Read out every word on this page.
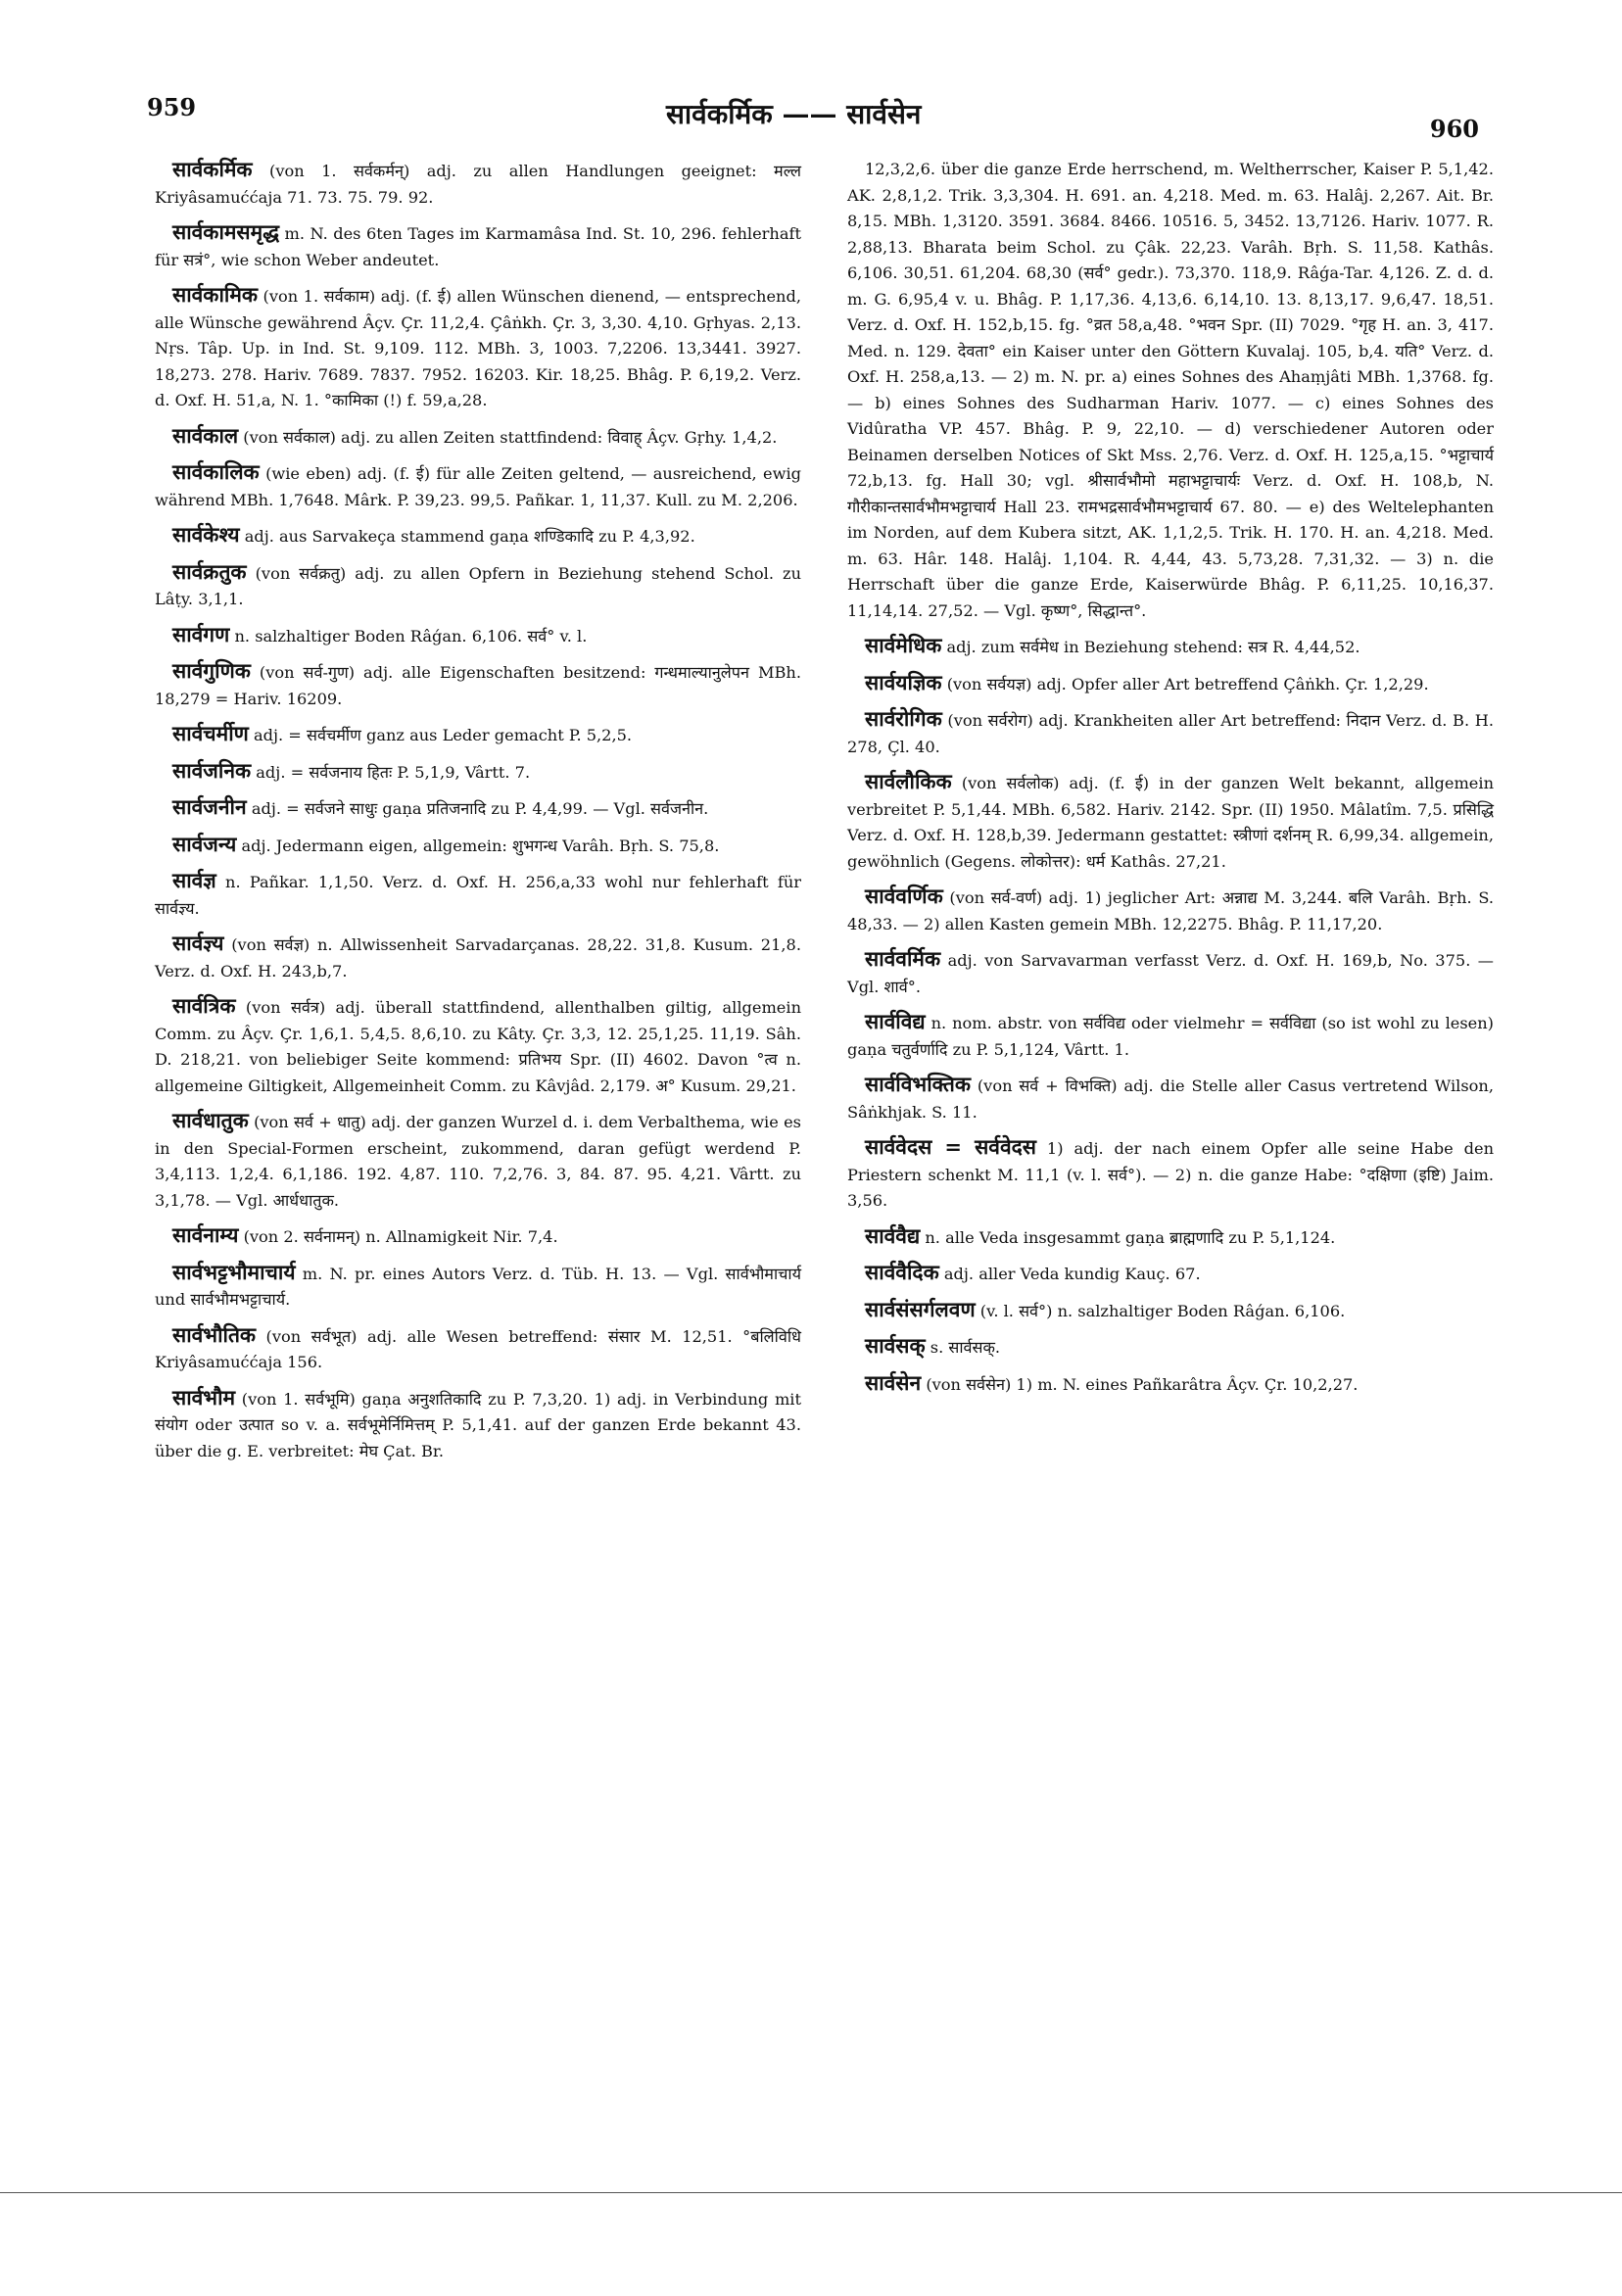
959	सार्वकर्मिक —— सार्वसेन	960

सार्वकर्मिक (von 1. सर्वकर्मन्) adj. zu allen Handlungen geeignet: मल्ल Kriyâsamuććaja 71. 73. 75. 79. 92.

सार्वकामसमृद्ध m. N. des 6ten Tages im Karmamâsa Ind. St. 10, 296. fehlerhaft für सत्रं°, wie schon Weber andeutet.

सार्वकामिक (von 1. सर्वकाम) adj. (f. ई) allen Wünschen dienend, — entsprechend, alle Wünsche gewährend Âçv. Çr. 11,2,4. Çâṅkh. Çr. 3, 3,30. 4,10. Gṛhyas. 2,13. Nṛs. Tâp. Up. in Ind. St. 9,109. 112. MBh. 3, 1003. 7,2206. 13,3441. 3927. 18,273. 278. Hariv. 7689. 7837. 7952. 16203. Kir. 18,25. Bhâg. P. 6,19,2. Verz. d. Oxf. H. 51,a, N. 1. °कामिका (!) f. 59,a,28.

सार्वकाल (von सर्वकाल) adj. zu allen Zeiten stattfindend: विवाह् Âçv. Gṛhy. 1,4,2.

सार्वकालिक (wie eben) adj. (f. ई) für alle Zeiten geltend, — ausreichend, ewig während MBh. 1,7648. Mârk. P. 39,23. 99,5. Pañkar. 1, 11,37. Kull. zu M. 2,206.

सार्वकेश्य adj. aus Sarvakeça stammend gaṇa शण्डिकादि zu P. 4,3,92.

सार्वक्रतुक (von सर्वक्रतु) adj. zu allen Opfern in Beziehung stehend Schol. zu Lâṭy. 3,1,1.

सार्वगण n. salzhaltiger Boden Râǵan. 6,106. सर्व° v. l.

सार्वगुणिक (von सर्व-गुण) adj. alle Eigenschaften besitzend: गन्धमाल्यानुलेपन MBh. 18,279 = Hariv. 16209.

सार्वचर्मीण adj. = सर्वचर्मीण ganz aus Leder gemacht P. 5,2,5.

सार्वजनिक adj. = सर्वजनाय हितः P. 5,1,9, Vârtt. 7.

सार्वजनीन adj. = सर्वजने साधुः gaṇa प्रतिजनादि zu P. 4,4,99. — Vgl. सर्वजनीन.

सार्वजन्य adj. Jedermann eigen, allgemein: शुभगन्ध Varâh. Bṛh. S. 75,8.

सार्वज्ञ n. Pañkar. 1,1,50. Verz. d. Oxf. H. 256,a,33 wohl nur fehlerhaft für सार्वज्ञ्य.

सार्वज्ञ्य (von सर्वज्ञ) n. Allwissenheit Sarvadarçanas. 28,22. 31,8. Kusum. 21,8. Verz. d. Oxf. H. 243,b,7.

सार्वत्रिक (von सर्वत्र) adj. überall stattfindend, allenthalben giltig, allgemein Comm. zu Âçv. Çr. 1,6,1. 5,4,5. 8,6,10. zu Kâty. Çr. 3,3, 12. 25,1,25. 11,19. Sâh. D. 218,21. von beliebiger Seite kommend: प्रतिभय Spr. (II) 4602. Davon °त्व n. allgemeine Giltigkeit, Allgemeinheit Comm. zu Kâvjâd. 2,179. अ° Kusum. 29,21.

सार्वधातुक (von सर्व + धातु) adj. der ganzen Wurzel d. i. dem Verbalthema, wie es in den Special-Formen erscheint, zukommend, daran gefügt werdend P. 3,4,113. 1,2,4. 6,1,186. 192. 4,87. 110. 7,2,76. 3, 84. 87. 95. 4,21. Vârtt. zu 3,1,78. — Vgl. आर्धधातुक.

सार्वनाम्य (von 2. सर्वनामन्) n. Allnamigkeit Nir. 7,4.

सार्वभट्टभौमाचार्य m. N. pr. eines Autors Verz. d. Tüb. H. 13. — Vgl. सार्वभौमाचार्य und सार्वभौमभट्टाचार्य.

सार्वभौतिक (von सर्वभूत) adj. alle Wesen betreffend: संसार M. 12,51. °बलिविधि Kriyâsamuććaja 156.

सार्वभौम (von 1. सर्वभूमि) gaṇa अनुशतिकादि zu P. 7,3,20. 1) adj. in Verbindung mit संयोग oder उत्पात so v. a. सर्वभूमेर्निमित्तम् P. 5,1,41. auf der ganzen Erde bekannt 43. über die g. E. verbreitet: मेघ Çat. Br.

12,3,2,6. über die ganze Erde herrschend, m. Weltherrscher, Kaiser P. 5,1,42. AK. 2,8,1,2. Trik. 3,3,304. H. 691. an. 4,218. Med. m. 63. Halâj. 2,267. Ait. Br. 8,15. MBh. 1,3120. 3591. 3684. 8466. 10516. 5, 3452. 13,7126. Hariv. 1077. R. 2,88,13. Bharata beim Schol. zu Çâk. 22,23. Varâh. Bṛh. S. 11,58. Kathâs. 6,106. 30,51. 61,204. 68,30 (सर्व° gedr.). 73,370. 118,9. Râǵa-Tar. 4,126. Z. d. d. m. G. 6,95,4 v. u. Bhâg. P. 1,17,36. 4,13,6. 6,14,10. 13. 8,13,17. 9,6,47. 18,51. Verz. d. Oxf. H. 152,b,15. fg. °व्रत 58,a,48. °भवन Spr. (II) 7029. °गृह H. an. 3, 417. Med. n. 129. देवता° ein Kaiser unter den Göttern Kuvalaj. 105, b,4. यति° Verz. d. Oxf. H. 258,a,13. — 2) m. N. pr. a) eines Sohnes des Ahaṃjâti MBh. 1,3768. fg. — b) eines Sohnes des Sudharman Hariv. 1077. — c) eines Sohnes des Vidûratha VP. 457. Bhâg. P. 9, 22,10. — d) verschiedener Autoren oder Beinamen derselben Notices of Skt Mss. 2,76. Verz. d. Oxf. H. 125,a,15. °भट्टाचार्य 72,b,13. fg. Hall 30; vgl. श्रीसार्वभौमो महाभट्टाचार्यः Verz. d. Oxf. H. 108,b, N. गौरीकान्तसार्वभौमभट्टाचार्य Hall 23. रामभद्रसार्वभौमभट्टाचार्य 67. 80. — e) des Weltelephanten im Norden, auf dem Kubera sitzt, AK. 1,1,2,5. Trik. H. 170. H. an. 4,218. Med. m. 63. Hâr. 148. Halâj. 1,104. R. 4,44, 43. 5,73,28. 7,31,32. — 3) n. die Herrschaft über die ganze Erde, Kaiserwürde Bhâg. P. 6,11,25. 10,16,37. 11,14,14. 27,52. — Vgl. कृष्ण°, सिद्धान्त°.

सार्वमेधिक adj. zum सर्वमेध in Beziehung stehend: सत्र R. 4,44,52.

सार्वयज्ञिक (von सर्वयज्ञ) adj. Opfer aller Art betreffend Çâṅkh. Çr. 1,2,29.

सार्वरोगिक (von सर्वरोग) adj. Krankheiten aller Art betreffend: निदान Verz. d. B. H. 278, Çl. 40.

सार्वलौकिक (von सर्वलोक) adj. (f. ई) in der ganzen Welt bekannt, allgemein verbreitet P. 5,1,44. MBh. 6,582. Hariv. 2142. Spr. (II) 1950. Mâlatîm. 7,5. प्रसिद्धि Verz. d. Oxf. H. 128,b,39. Jedermann gestattet: स्त्रीणां दर्शनम् R. 6,99,34. allgemein, gewöhnlich (Gegens. लोकोत्तर): धर्म Kathâs. 27,21.

सार्ववर्णिक (von सर्व-वर्ण) adj. 1) jeglicher Art: अन्नाद्य M. 3,244. बलि Varâh. Bṛh. S. 48,33. — 2) allen Kasten gemein MBh. 12,2275. Bhâg. P. 11,17,20.

सार्ववर्मिक adj. von Sarvavarman verfasst Verz. d. Oxf. H. 169,b, No. 375. — Vgl. शार्व°.

सार्वविद्य n. nom. abstr. von सर्वविद्य oder vielmehr = सर्वविद्या (so ist wohl zu lesen) gaṇa चतुर्वर्णादि zu P. 5,1,124, Vârtt. 1.

सार्वविभक्तिक (von सर्व + विभक्ति) adj. die Stelle aller Casus vertretend Wilson, Sâṅkhjak. S. 11.

सार्ववेदस = सर्ववेदस 1) adj. der nach einem Opfer alle seine Habe den Priestern schenkt M. 11,1 (v. l. सर्व°). — 2) n. die ganze Habe: °दक्षिणा (इष्टि) Jaim. 3,56.

सार्ववैद्य n. alle Veda insgesammt gaṇa ब्राह्मणादि zu P. 5,1,124.

सार्ववैदिक adj. aller Veda kundig Kauç. 67.

सार्वसंसर्गलवण (v. l. सर्व°) n. salzhaltiger Boden Râǵan. 6,106.

सार्वसक् s. सार्वसक्.

सार्वसेन (von सर्वसेन) 1) m. N. eines Pañkarâtra Âçv. Çr. 10,2,27.
